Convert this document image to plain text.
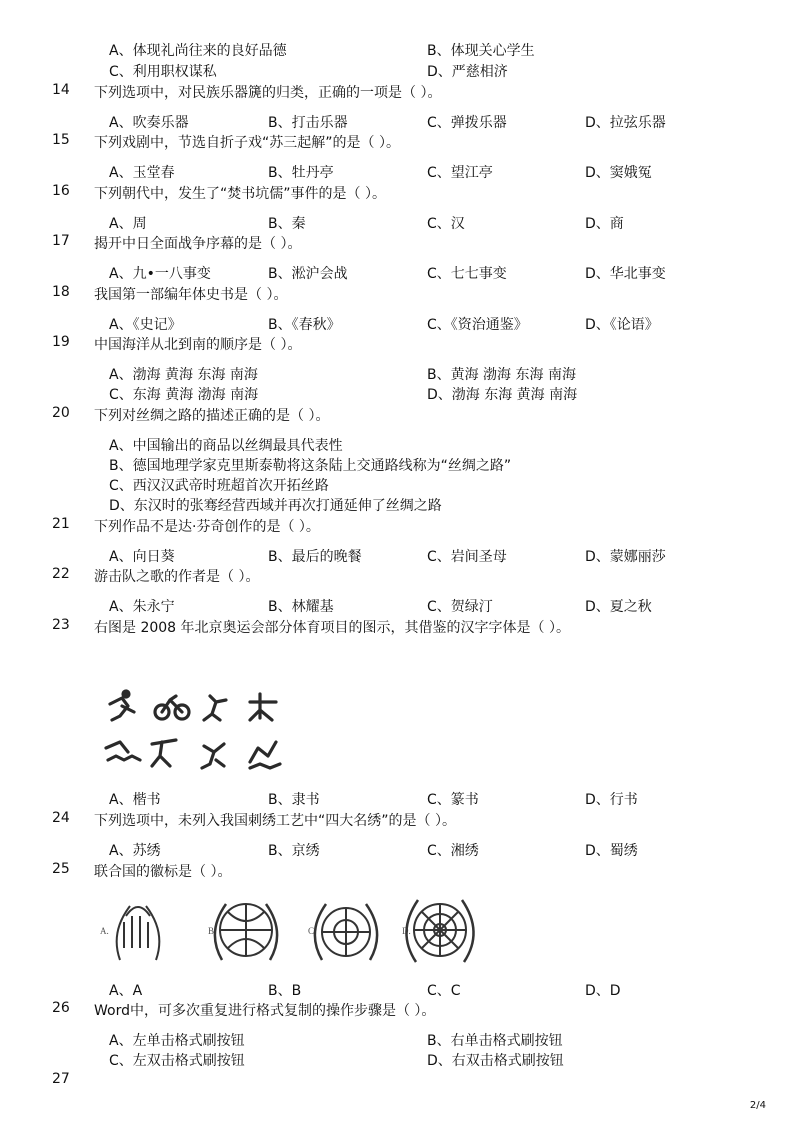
A、体现礼尚往来的良好品德	B、体现关心学生
C、利用职权谋私	D、严慈相济
14 下列选项中，对民族乐器篪的归类，正确的一项是（ ）。
A、吹奏乐器	B、打击乐器	C、弹拨乐器	D、拉弦乐器
15 下列戏剧中，节选自折子戏“苏三起解”的是（ ）。
A、玉堂春	B、牡丹亭	C、望江亭	D、窦娥冤
16 下列朝代中，发生了“焚书坑儒”事件的是（ ）。
A、周	B、秦	C、汉	D、商
17 揭开中日全面战争序幕的是（ ）。
A、九•一八事变	B、淞沪会战	C、七七事变	D、华北事变
18 我国第一部编年体史书是（ ）。
A、《史记》	B、《春秋》	C、《资治通鉴》	D、《论语》
19 中国海洋从北到南的顺序是（ ）。
A、渤海 黄海 东海 南海	B、黄海 渤海 东海 南海
C、东海 黄海 渤海 南海	D、渤海 东海 黄海 南海
20 下列对丝绸之路的描述正确的是（ ）。
A、中国输出的商品以丝绸最具代表性
B、德国地理学家克里斯泰勒将这条陆上交通路线称为“丝绸之路”
C、西汉汉武帝时班超首次开拓丝路
D、东汉时的张骞经营西域并再次打通延伸了丝绸之路
21 下列作品不是达·芬奇创作的是（ ）。
A、向日葵	B、最后的晚餐	C、岩间圣母	D、蒙娜丽莎
22 游击队之歌的作者是（ ）。
A、朱永宁	B、林耀基	C、贺绿汀	D、夏之秋
23 右图是 2008 年北京奥运会部分体育项目的图示，其借鉴的汉字字体是（ ）。
A、楷书	B、隶书	C、篆书	D、行书
24 下列选项中，未列入我国刺绣工艺中“四大名绣”的是（ ）。
A、苏绣	B、京绣	C、湘绣	D、蜀绣
25 联合国的徽标是（ ）。
A.	B.	C.	D.
A、A	B、B	C、C	D、D
26 Word中，可多次重复进行格式复制的操作步骤是（ ）。
A、左单击格式刷按钮	B、右单击格式刷按钮
C、左双击格式刷按钮	D、右双击格式刷按钮
27
2/4
